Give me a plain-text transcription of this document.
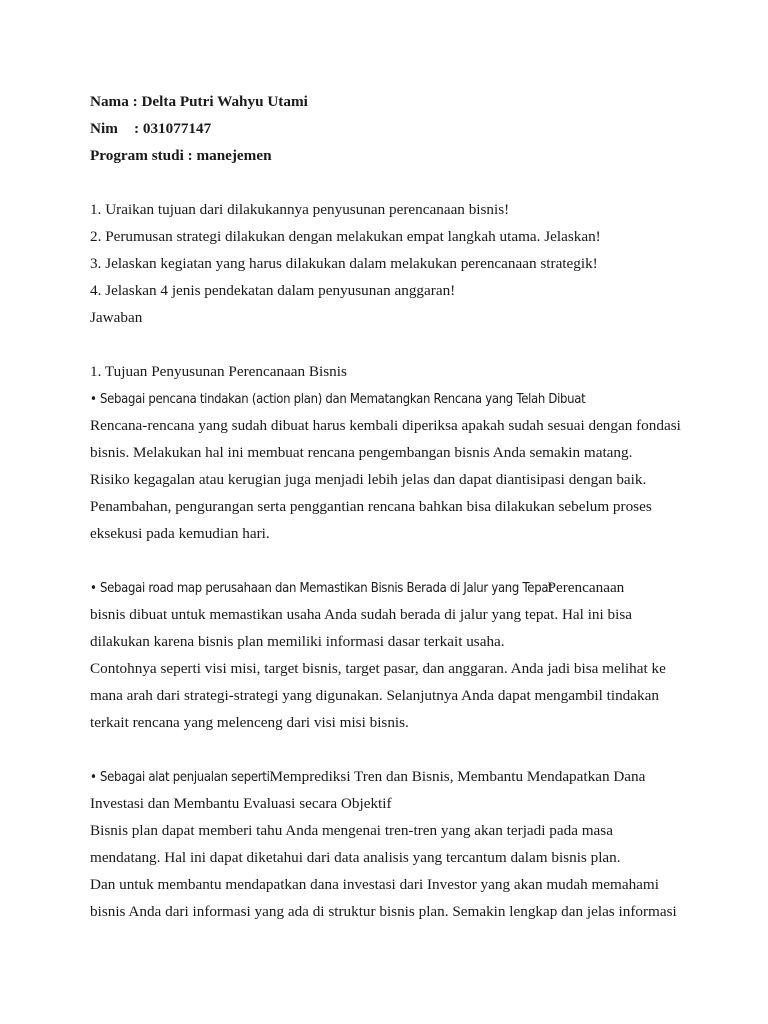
Nama : Delta Putri Wahyu Utami
Nim : 031077147
Program studi : manejemen
1. Uraikan tujuan dari dilakukannya penyusunan perencanaan bisnis!
2. Perumusan strategi dilakukan dengan melakukan empat langkah utama. Jelaskan!
3. Jelaskan kegiatan yang harus dilakukan dalam melakukan perencanaan strategik!
4. Jelaskan 4 jenis pendekatan dalam penyusunan anggaran!
Jawaban
1. Tujuan Penyusunan Perencanaan Bisnis
• Sebagai pencana tindakan (action plan) dan Mematangkan Rencana yang Telah Dibuat
Rencana-rencana yang sudah dibuat harus kembali diperiksa apakah sudah sesuai dengan fondasi
bisnis. Melakukan hal ini membuat rencana pengembangan bisnis Anda semakin matang.
Risiko kegagalan atau kerugian juga menjadi lebih jelas dan dapat diantisipasi dengan baik.
Penambahan, pengurangan serta penggantian rencana bahkan bisa dilakukan sebelum proses
eksekusi pada kemudian hari.
• Sebagai road map perusahaan dan Memastikan Bisnis Berada di Jalur yang Tepat Perencanaan
bisnis dibuat untuk memastikan usaha Anda sudah berada di jalur yang tepat. Hal ini bisa
dilakukan karena bisnis plan memiliki informasi dasar terkait usaha.
Contohnya seperti visi misi, target bisnis, target pasar, dan anggaran. Anda jadi bisa melihat ke
mana arah dari strategi-strategi yang digunakan. Selanjutnya Anda dapat mengambil tindakan
terkait rencana yang melenceng dari visi misi bisnis.
• Sebagai alat penjualan seperti Memprediksi Tren dan Bisnis, Membantu Mendapatkan Dana
Investasi dan Membantu Evaluasi secara Objektif
Bisnis plan dapat memberi tahu Anda mengenai tren-tren yang akan terjadi pada masa
mendatang. Hal ini dapat diketahui dari data analisis yang tercantum dalam bisnis plan.
Dan untuk membantu mendapatkan dana investasi dari Investor yang akan mudah memahami
bisnis Anda dari informasi yang ada di struktur bisnis plan. Semakin lengkap dan jelas informasi
